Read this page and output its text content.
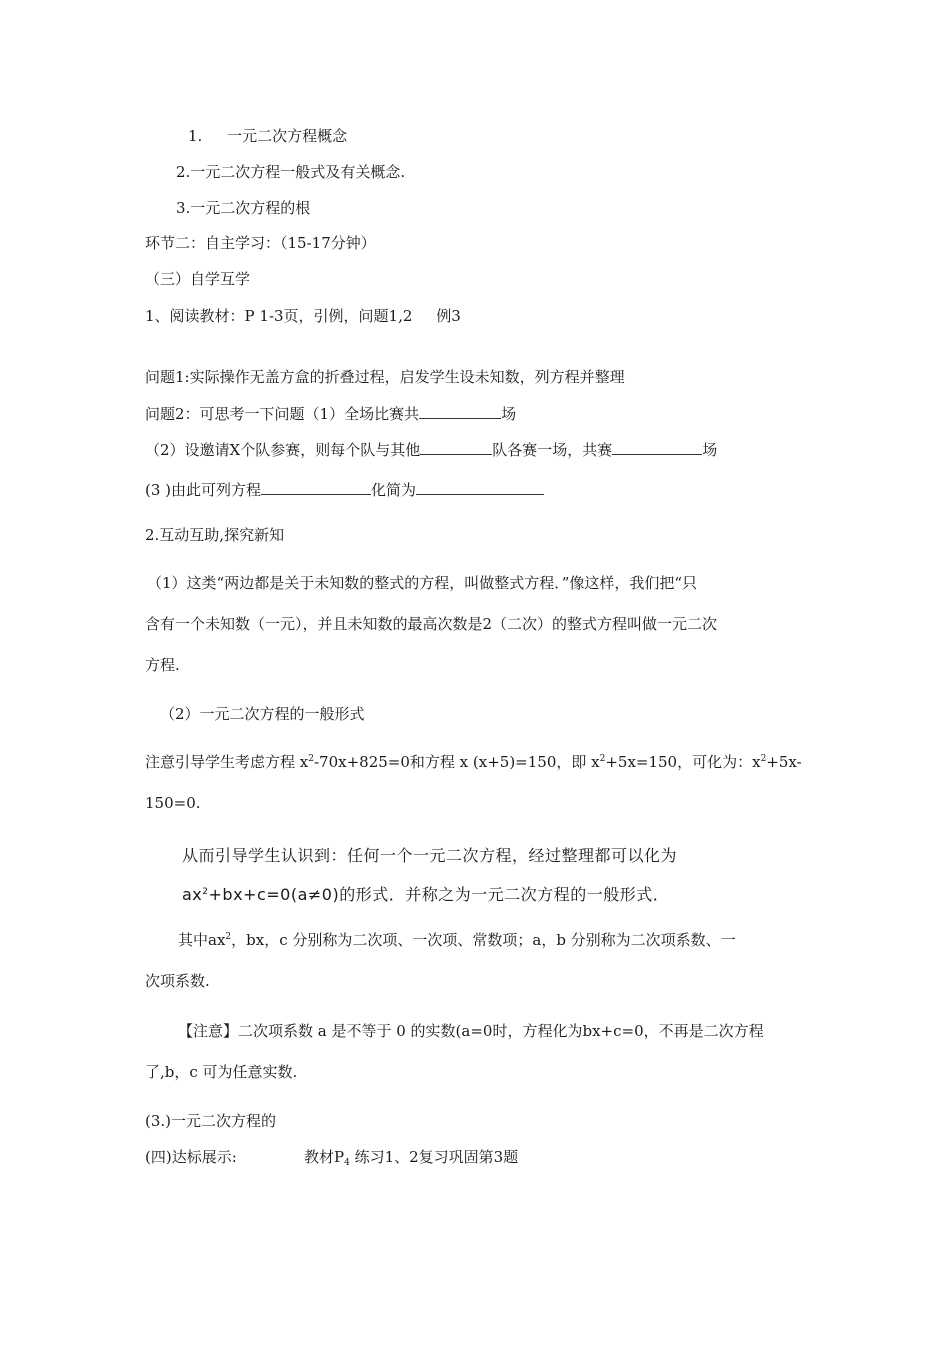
1. 一元二次方程概念
2.一元二次方程一般式及有关概念.
3.一元二次方程的根
环节二：自主学习：（15-17分钟）
（三）自学互学
1、阅读教材：P 1-3页，引例，问题1,2     例3
问题1:实际操作无盖方盒的折叠过程，启发学生设未知数，列方程并整理
问题2：可思考一下问题（1）全场比赛共	场
（2）设邀请X个队参赛，则每个队与其他	队各赛一场，共赛	场
(3 )由此可列方程	化简为
2.互动互助,探究新知
（1）这类“两边都是关于未知数的整式的方程，叫做整式方程．”像这样，我们把“只
含有一个未知数（一元），并且未知数的最高次数是2（二次）的整式方程叫做一元二次
方程.
（2）一元二次方程的一般形式
注意引导学生考虑方程 $x^2-70x+825=0$和方程 x (x+5)=150，即 $x^2+5x=150$，可化为：$x^2+5x-$
150=0.
从而引导学生认识到：任何一个一元二次方程，经过整理都可以化为
$ax^2+bx+c=0(a\ne 0)$的形式．并称之为一元二次方程的一般形式．
其中$ax^2$，bx，c 分别称为二次项、一次项、常数项；a，b 分别称为二次项系数、一
次项系数.
【注意】二次项系数 a 是不等于 0 的实数(a=0时，方程化为bx+c=0，不再是二次方程
了,b，c 可为任意实数.
(3.)一元二次方程的
(四)达标展示:	教材$P_4$ 练习1、2复习巩固第3题
